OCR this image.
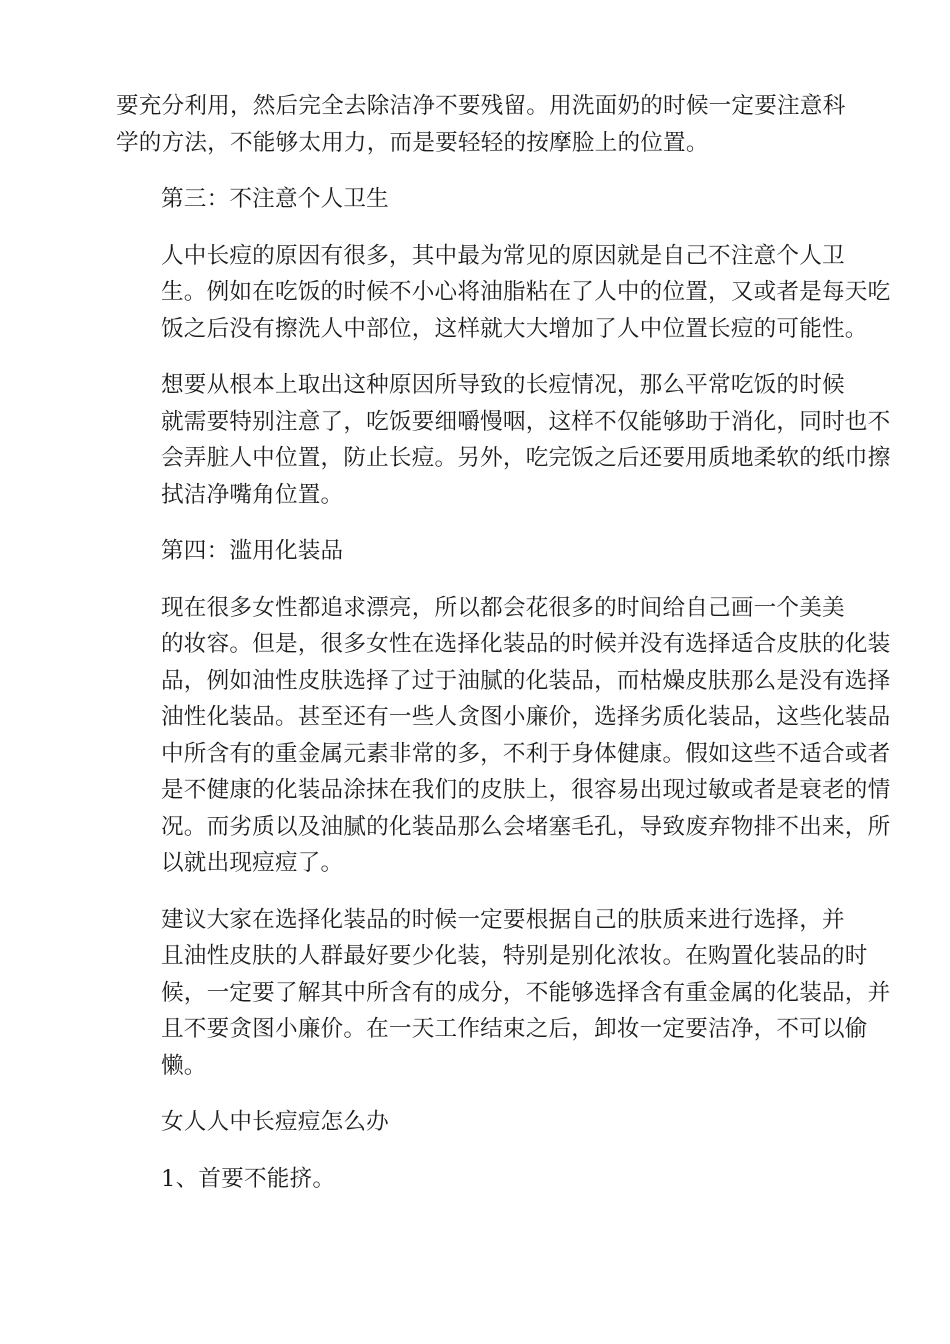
要充分利用，然后完全去除洁净不要残留。用洗面奶的时候一定要注意科
学的方法，不能够太用力，而是要轻轻的按摩脸上的位置。

第三：不注意个人卫生

人中长痘的原因有很多，其中最为常见的原因就是自己不注意个人卫
生。例如在吃饭的时候不小心将油脂粘在了人中的位置，又或者是每天吃
饭之后没有擦洗人中部位，这样就大大增加了人中位置长痘的可能性。

想要从根本上取出这种原因所导致的长痘情况，那么平常吃饭的时候
就需要特别注意了，吃饭要细嚼慢咽，这样不仅能够助于消化，同时也不
会弄脏人中位置，防止长痘。另外，吃完饭之后还要用质地柔软的纸巾擦
拭洁净嘴角位置。

第四：滥用化装品

现在很多女性都追求漂亮，所以都会花很多的时间给自己画一个美美
的妆容。但是，很多女性在选择化装品的时候并没有选择适合皮肤的化装
品，例如油性皮肤选择了过于油腻的化装品，而枯燥皮肤那么是没有选择
油性化装品。甚至还有一些人贪图小廉价，选择劣质化装品，这些化装品
中所含有的重金属元素非常的多，不利于身体健康。假如这些不适合或者
是不健康的化装品涂抹在我们的皮肤上，很容易出现过敏或者是衰老的情
况。而劣质以及油腻的化装品那么会堵塞毛孔，导致废弃物排不出来，所
以就出现痘痘了。

建议大家在选择化装品的时候一定要根据自己的肤质来进行选择，并
且油性皮肤的人群最好要少化装，特别是别化浓妆。在购置化装品的时
候，一定要了解其中所含有的成分，不能够选择含有重金属的化装品，并
且不要贪图小廉价。在一天工作结束之后，卸妆一定要洁净，不可以偷
懒。

女人人中长痘痘怎么办

1、首要不能挤。
